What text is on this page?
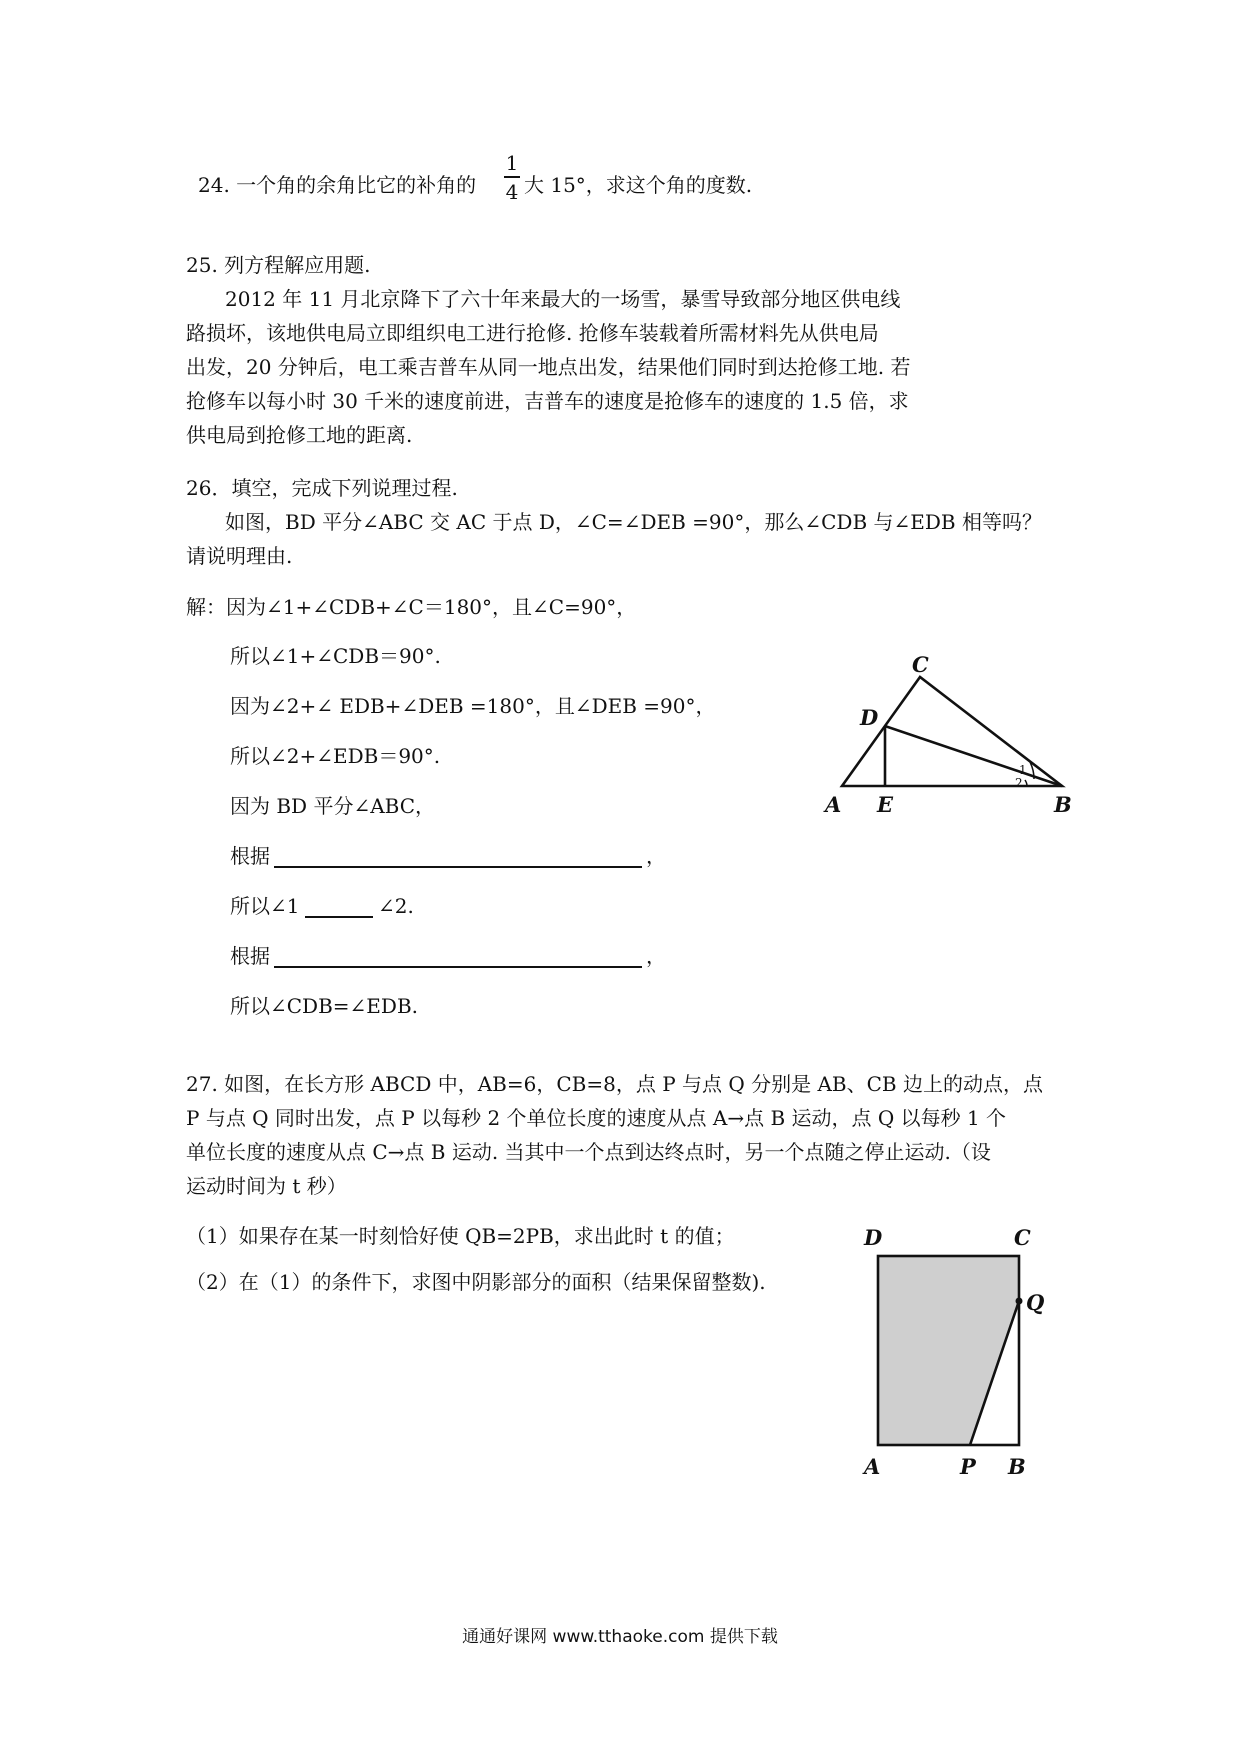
24. 一个角的余角比它的补角的
1
4 大 15°，求这个角的度数.
25. 列方程解应用题.
2012 年 11 月北京降下了六十年来最大的一场雪，暴雪导致部分地区供电线
路损坏，该地供电局立即组织电工进行抢修. 抢修车装载着所需材料先从供电局
出发，20 分钟后，电工乘吉普车从同一地点出发，结果他们同时到达抢修工地. 若
抢修车以每小时 30 千米的速度前进，吉普车的速度是抢修车的速度的 1.5 倍，求
供电局到抢修工地的距离.
26．填空，完成下列说理过程.
如图，BD 平分∠ABC 交 AC 于点 D，∠C=∠DEB =90°，那么∠CDB 与∠EDB 相等吗？
请说明理由.
解：因为∠1+∠CDB+∠C＝180°，且∠C=90°，
所以∠1+∠CDB＝90°.
因为∠2+∠ EDB+∠DEB =180°，且∠DEB =90°，
所以∠2+∠EDB＝90°.
因为 BD 平分∠ABC，
根据	，
所以∠1	∠2.
根据	，
所以∠CDB=∠EDB.
C
D
A E	B
1
2
27. 如图，在长方形 ABCD 中，AB=6，CB=8，点 P 与点 Q 分别是 AB、CB 边上的动点，点
P 与点 Q 同时出发，点 P 以每秒 2 个单位长度的速度从点 A→点 B 运动，点 Q 以每秒 1 个
单位长度的速度从点 C→点 B 运动. 当其中一个点到达终点时，另一个点随之停止运动.（设
运动时间为 t 秒）
（1）如果存在某一时刻恰好使 QB=2PB，求出此时 t 的值；
（2）在（1）的条件下，求图中阴影部分的面积（结果保留整数).
D	C
Q
A	P B
通通好课网 www.tthaoke.com 提供下载
